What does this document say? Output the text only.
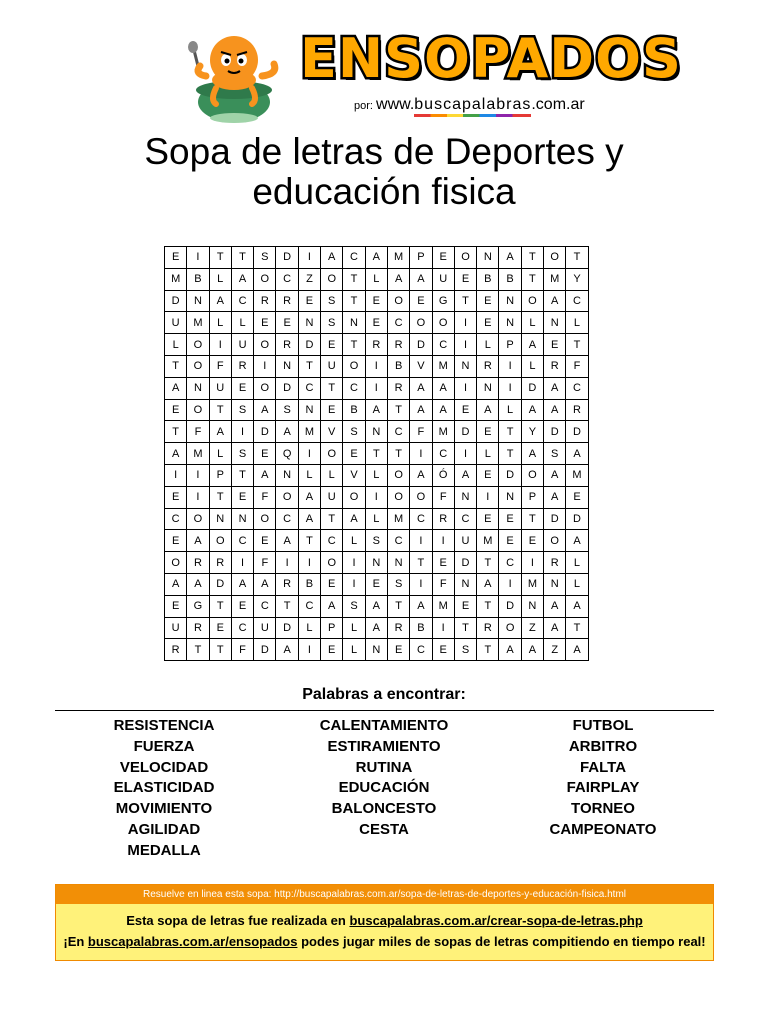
ENSOPADOS
por: www.buscapalabras.com.ar
Sopa de letras de Deportes y
educación fisica
E	I	T	T	S	D	I	A	C	A	M	P	E	O	N	A	T	O	T
M	B	L	A	O	C	Z	O	T	L	A	A	U	E	B	B	T	M	Y
D	N	A	C	R	R	E	S	T	E	O	E	G	T	E	N	O	A	C
U	M	L	L	E	E	N	S	N	E	C	O	O	I	E	N	L	N	L
L	O	I	U	O	R	D	E	T	R	R	D	C	I	L	P	A	E	T
T	O	F	R	I	N	T	U	O	I	B	V	M	N	R	I	L	R	F
A	N	U	E	O	D	C	T	C	I	R	A	A	I	N	I	D	A	C
E	O	T	S	A	S	N	E	B	A	T	A	A	E	A	L	A	A	R
T	F	A	I	D	A	M	V	S	N	C	F	M	D	E	T	Y	D	D
A	M	L	S	E	Q	I	O	E	T	T	I	C	I	L	T	A	S	A
I	I	P	T	A	N	L	L	V	L	O	A	Ó	A	E	D	O	A	M
E	I	T	E	F	O	A	U	O	I	O	O	F	N	I	N	P	A	E
C	O	N	N	O	C	A	T	A	L	M	C	R	C	E	E	T	D	D
E	A	O	C	E	A	T	C	L	S	C	I	I	U	M	E	E	O	A
O	R	R	I	F	I	I	O	I	N	N	T	E	D	T	C	I	R	L
A	A	D	A	A	R	B	E	I	E	S	I	F	N	A	I	M	N	L
E	G	T	E	C	T	C	A	S	A	T	A	M	E	T	D	N	A	A
U	R	E	C	U	D	L	P	L	A	R	B	I	T	R	O	Z	A	T
R	T	T	F	D	A	I	E	L	N	E	C	E	S	T	A	A	Z	A
Palabras a encontrar:
RESISTENCIA
FUERZA
VELOCIDAD
ELASTICIDAD
MOVIMIENTO
AGILIDAD
MEDALLA
CALENTAMIENTO
ESTIRAMIENTO
RUTINA
EDUCACIÓN
BALONCESTO
CESTA
FUTBOL
ARBITRO
FALTA
FAIRPLAY
TORNEO
CAMPEONATO
Resuelve en linea esta sopa: http://buscapalabras.com.ar/sopa-de-letras-de-deportes-y-educación-fisica.html
Esta sopa de letras fue realizada en buscapalabras.com.ar/crear-sopa-de-letras.php
¡En buscapalabras.com.ar/ensopados podes jugar miles de sopas de letras compitiendo en tiempo real!
